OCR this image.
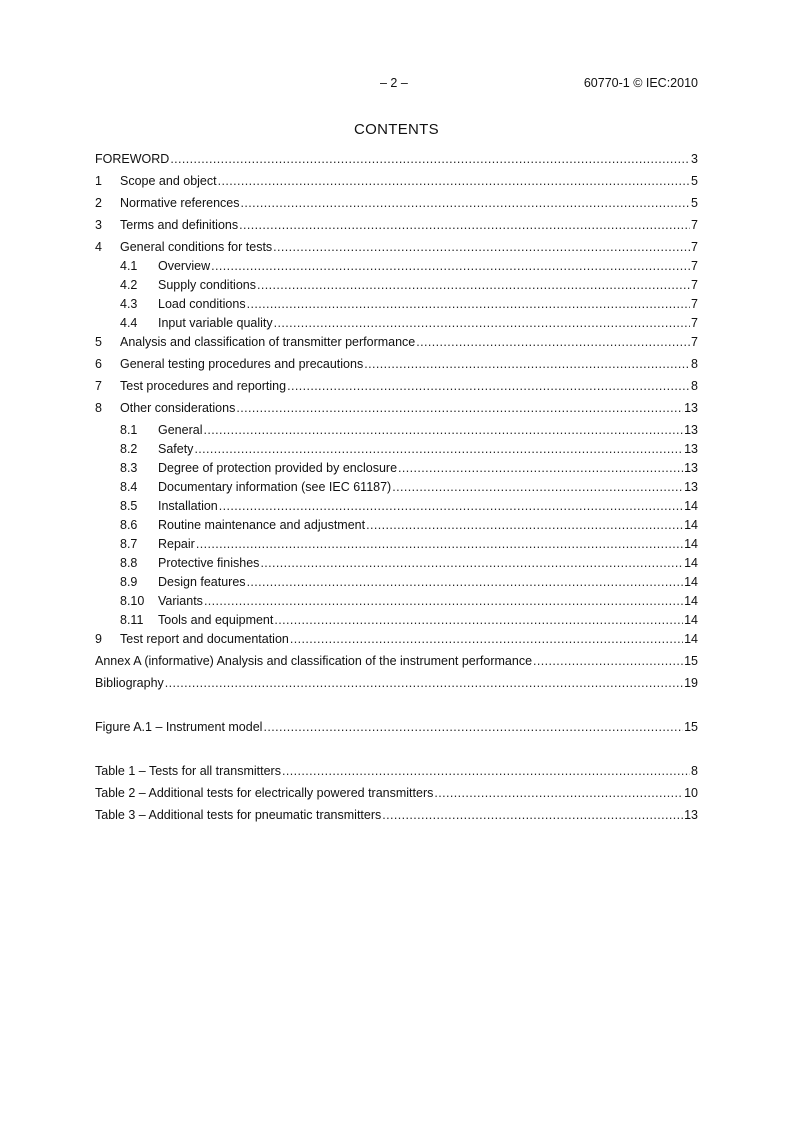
– 2 –	60770-1 © IEC:2010
CONTENTS
FOREWORD .....	3
1	Scope and object .....	5
2	Normative references .....	5
3	Terms and definitions .....	7
4	General conditions for tests .....	7
4.1	Overview .....	7
4.2	Supply conditions .....	7
4.3	Load conditions .....	7
4.4	Input variable quality .....	7
5	Analysis and classification of transmitter performance .....	7
6	General testing procedures and precautions .....	8
7	Test procedures and reporting .....	8
8	Other considerations .....	13
8.1	General .....	13
8.2	Safety .....	13
8.3	Degree of protection provided by enclosure .....	13
8.4	Documentary information (see IEC 61187) .....	13
8.5	Installation .....	14
8.6	Routine maintenance and adjustment .....	14
8.7	Repair .....	14
8.8	Protective finishes .....	14
8.9	Design features .....	14
8.10	Variants .....	14
8.11	Tools and equipment .....	14
9	Test report and documentation .....	14
Annex A (informative) Analysis and classification of the instrument performance .....	15
Bibliography .....	19
Figure A.1 – Instrument model .....	15
Table 1 – Tests for all transmitters .....	8
Table 2 – Additional tests for electrically powered transmitters .....	10
Table 3 – Additional tests for pneumatic transmitters .....	13
